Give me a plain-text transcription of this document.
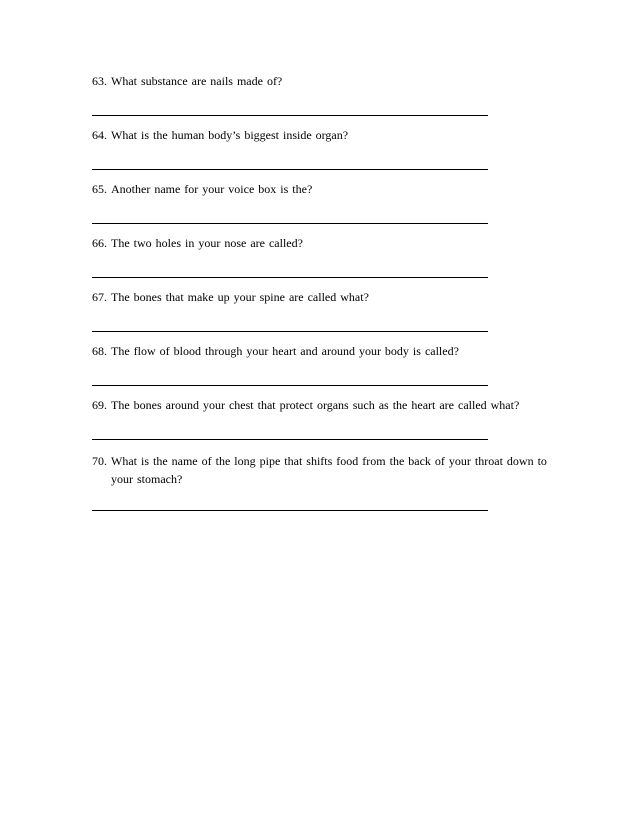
63.
What substance are nails made of?
64.
What is the human body’s biggest inside organ?
65.
Another name for your voice box is the?
66.
The two holes in your nose are called?
67.
The bones that make up your spine are called what?
68.
The flow of blood through your heart and around your body is called?
69.
The bones around your chest that protect organs such as the heart are called what?
70.
What is the name of the long pipe that shifts food from the back of your throat down to your stomach?
